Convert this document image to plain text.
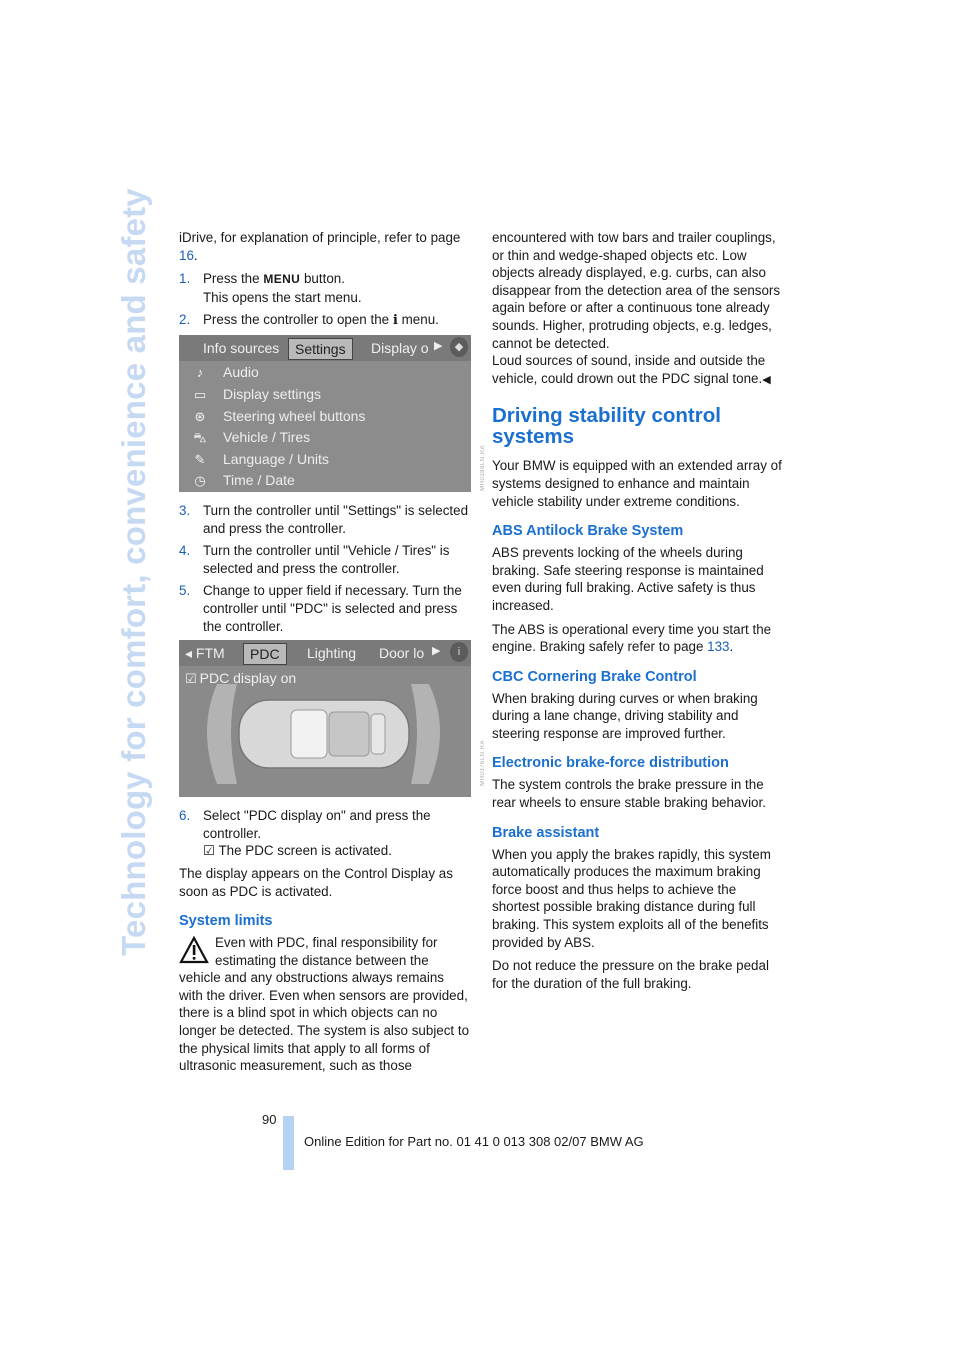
Technology for comfort, convenience and safety iDrive, for explanation of principle, refer to page 16.

1. Press the MENU button.
This opens the start menu.
2. Press the controller to open the i menu.
Info sources	Settings	Display o ▶	◆
♪	Audio
▭	Display settings
⊛	Steering wheel buttons
⛍	Vehicle / Tires
✎	Language / Units
◷	Time / Date	MH0388LN.RA
3. Turn the controller until "Settings" is selected and press the controller.
4. Turn the controller until "Vehicle / Tires" is selected and press the controller.
5. Change to upper field if necessary. Turn the controller until "PDC" is selected and press the controller.
◂ FTM	PDC	Lighting Door lo ▶	i
☑ PDC display on
MH0376LN.RA
6. Select "PDC display on" and press the controller.
☑ The PDC screen is activated.

The display appears on the Control Display as soon as PDC is activated.

System limits
Even with PDC, final responsibility for estimating the distance between the
vehicle and any obstructions always remains with the driver. Even when sensors are provided, there is a blind spot in which objects can no longer be detected. The system is also subject to the physical limits that apply to all forms of ultrasonic measurement, such as those

encountered with tow bars and trailer couplings, or thin and wedge-shaped objects etc. Low objects already displayed, e.g. curbs, can also disappear from the detection area of the sensors again before or after a continuous tone already sounds. Higher, protruding objects, e.g. ledges, cannot be detected.

Loud sources of sound, inside and outside the vehicle, could drown out the PDC signal tone.◀

Driving stability control systems

Your BMW is equipped with an extended array of systems designed to enhance and maintain vehicle stability under extreme conditions.

ABS Antilock Brake System

ABS prevents locking of the wheels during braking. Safe steering response is maintained even during full braking. Active safety is thus increased.

The ABS is operational every time you start the engine. Braking safely refer to page 133.

CBC Cornering Brake Control

When braking during curves or when braking during a lane change, driving stability and steering response are improved further.

Electronic brake-force distribution

The system controls the brake pressure in the rear wheels to ensure stable braking behavior.

Brake assistant

When you apply the brakes rapidly, this system automatically produces the maximum braking force boost and thus helps to achieve the shortest possible braking distance during full braking. This system exploits all of the benefits provided by ABS.

Do not reduce the pressure on the brake pedal for the duration of the full braking.

90
Online Edition for Part no. 01 41 0 013 308 02/07 BMW AG
